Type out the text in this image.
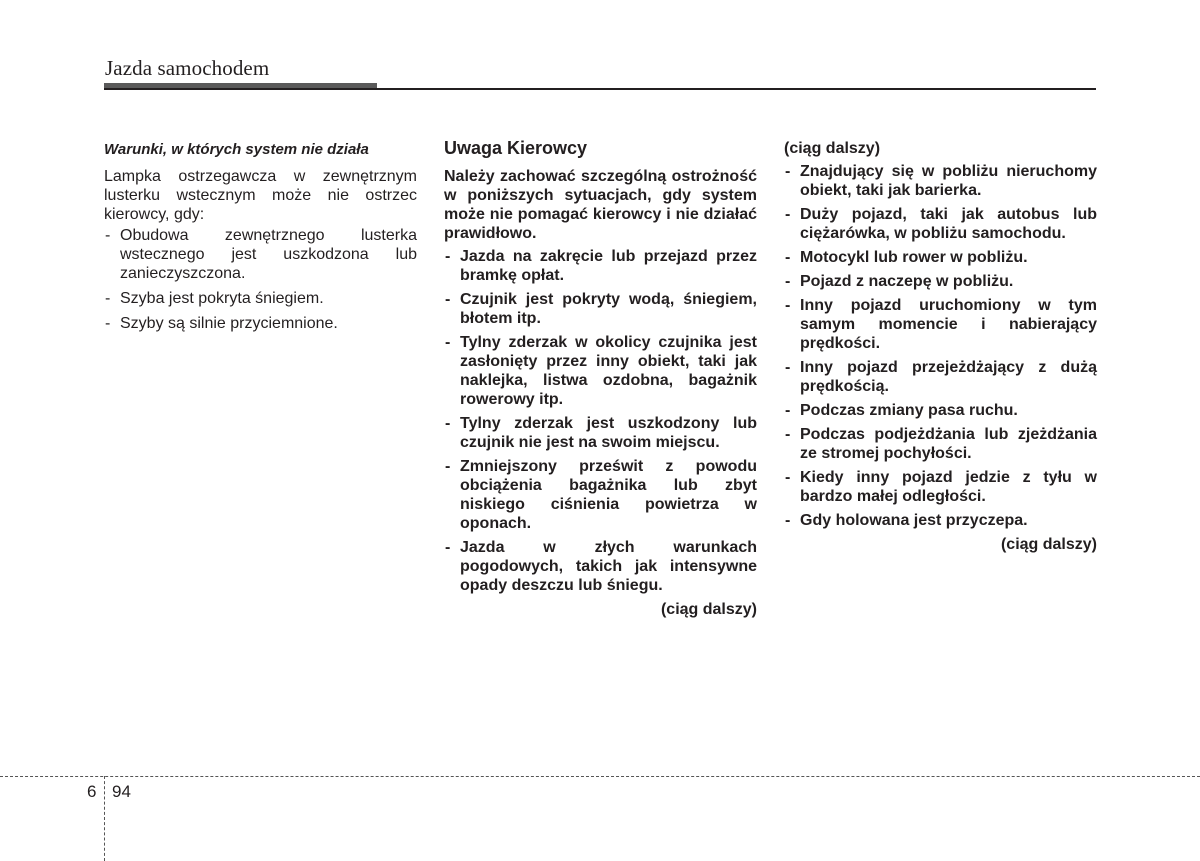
Jazda samochodem
Warunki, w których system nie działa

Lampka ostrzegawcza w zewnętrznym lusterku wstecznym może nie ostrzec kierowcy, gdy:

- Obudowa zewnętrznego lusterka wstecznego jest uszkodzona lub zanieczyszczona.
- Szyba jest pokryta śniegiem.
- Szyby są silnie przyciemnione.
Uwaga Kierowcy

Należy zachować szczególną ostrożność w poniższych sytuacjach, gdy system może nie pomagać kierowcy i nie działać prawidłowo.

- Jazda na zakręcie lub przejazd przez bramkę opłat.
- Czujnik jest pokryty wodą, śniegiem, błotem itp.
- Tylny zderzak w okolicy czujnika jest zasłonięty przez inny obiekt, taki jak naklejka, listwa ozdobna, bagażnik rowerowy itp.
- Tylny zderzak jest uszkodzony lub czujnik nie jest na swoim miejscu.
- Zmniejszony prześwit z powodu obciążenia bagażnika lub zbyt niskiego ciśnienia powietrza w oponach.
- Jazda w złych warunkach pogodowych, takich jak intensywne opady deszczu lub śniegu.
(ciąg dalszy)
(ciąg dalszy)
- Znajdujący się w pobliżu nieruchomy obiekt, taki jak barierka.
- Duży pojazd, taki jak autobus lub ciężarówka, w pobliżu samochodu.
- Motocykl lub rower w pobliżu.
- Pojazd z naczepę w pobliżu.
- Inny pojazd uruchomiony w tym samym momencie i nabierający prędkości.
- Inny pojazd przejeżdżający z dużą prędkością.
- Podczas zmiany pasa ruchu.
- Podczas podjeżdżania lub zjeżdżania ze stromej pochyłości.
- Kiedy inny pojazd jedzie z tyłu w bardzo małej odległości.
- Gdy holowana jest przyczepa.
(ciąg dalszy)
6 94
